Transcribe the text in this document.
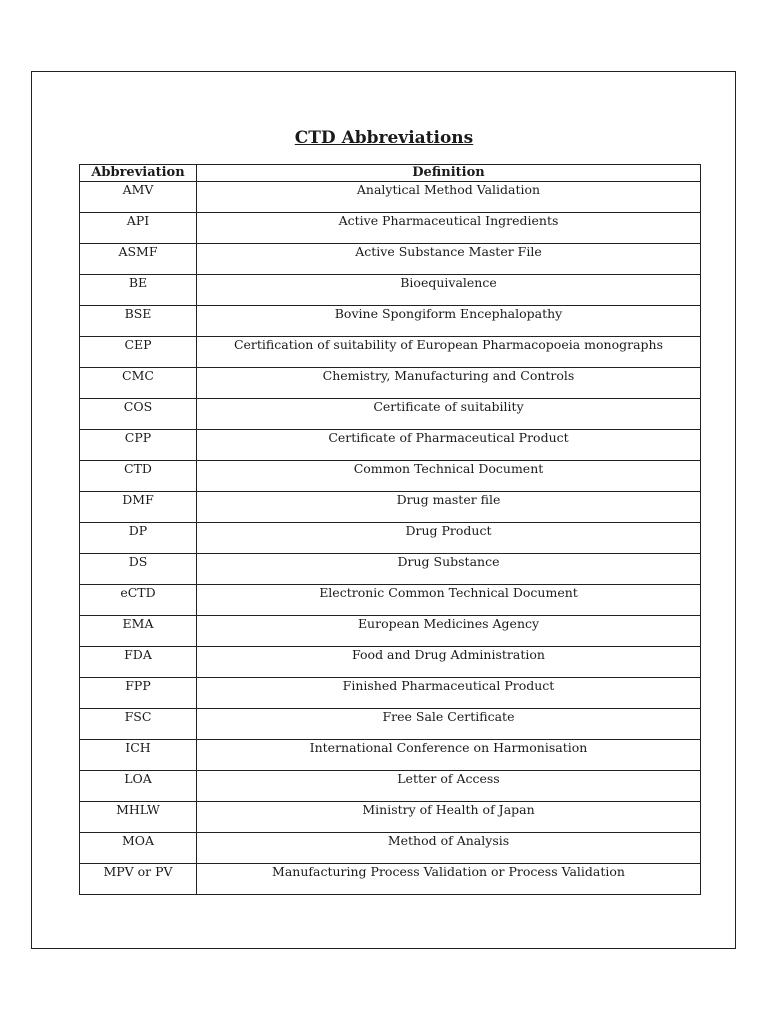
CTD Abbreviations
Abbreviation	Definition
AMV	Analytical Method Validation
API	Active Pharmaceutical Ingredients
ASMF	Active Substance Master File
BE	Bioequivalence
BSE	Bovine Spongiform Encephalopathy
CEP	Certification of suitability of European Pharmacopoeia monographs
CMC	Chemistry, Manufacturing and Controls
COS	Certificate of suitability
CPP	Certificate of Pharmaceutical Product
CTD	Common Technical Document
DMF	Drug master file
DP	Drug Product
DS	Drug Substance
eCTD	Electronic Common Technical Document
EMA	European Medicines Agency
FDA	Food and Drug Administration
FPP	Finished Pharmaceutical Product
FSC	Free Sale Certificate
ICH	International Conference on Harmonisation
LOA	Letter of Access
MHLW	Ministry of Health of Japan
MOA	Method of Analysis
MPV or PV	Manufacturing Process Validation or Process Validation
